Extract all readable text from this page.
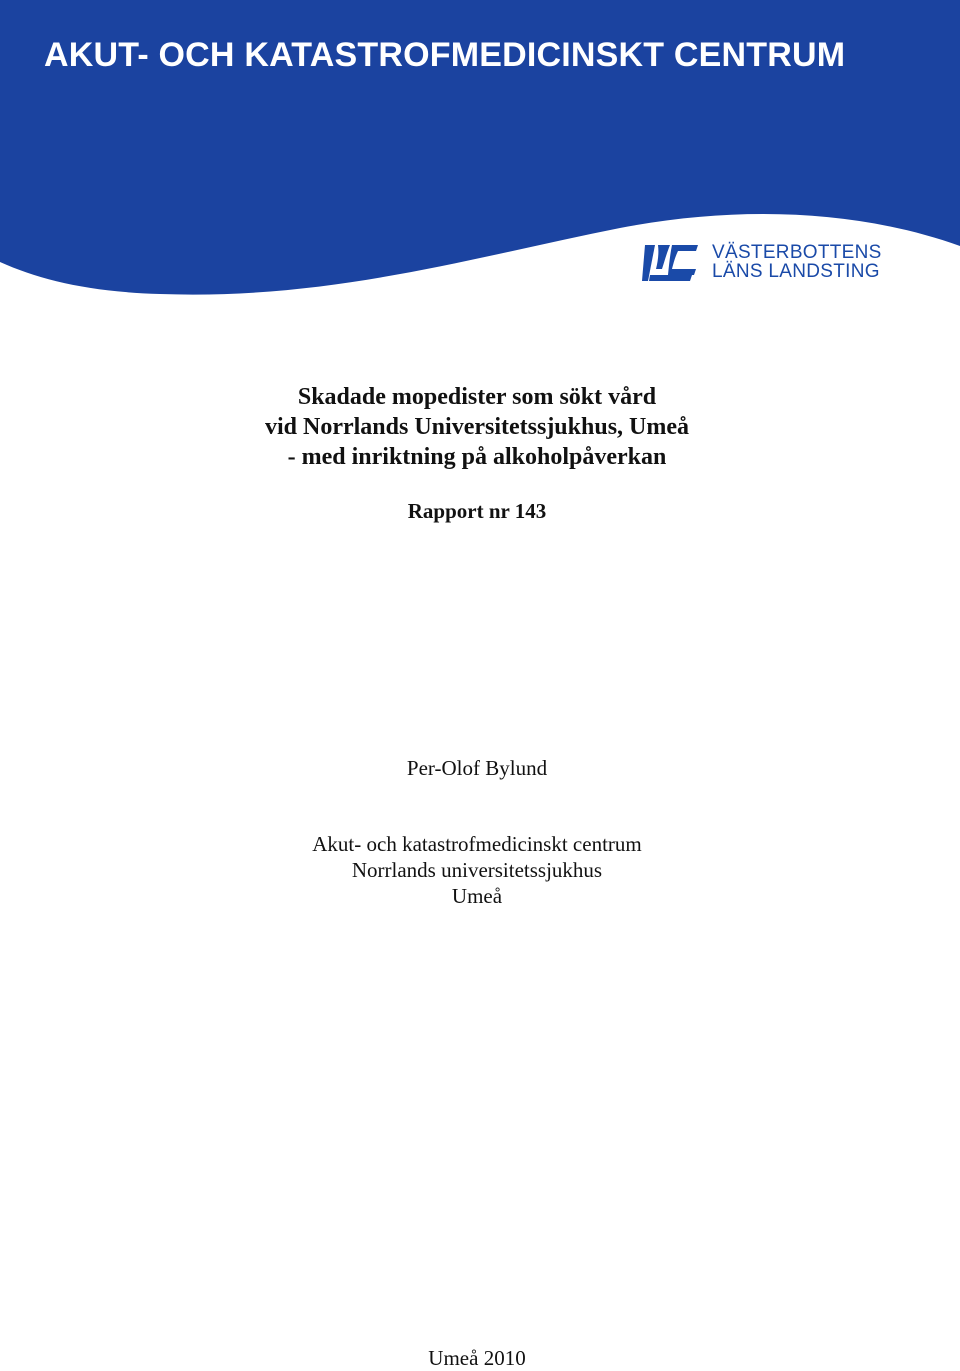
AKUT- OCH KATASTROFMEDICINSKT CENTRUM
VÄSTERBOTTENS
LÄNS LANDSTING
Skadade mopedister som sökt vård
vid Norrlands Universitetssjukhus, Umeå
- med inriktning på alkoholpåverkan
Rapport nr 143
Per-Olof Bylund
Akut- och katastrofmedicinskt centrum
Norrlands universitetssjukhus
Umeå
Umeå 2010
